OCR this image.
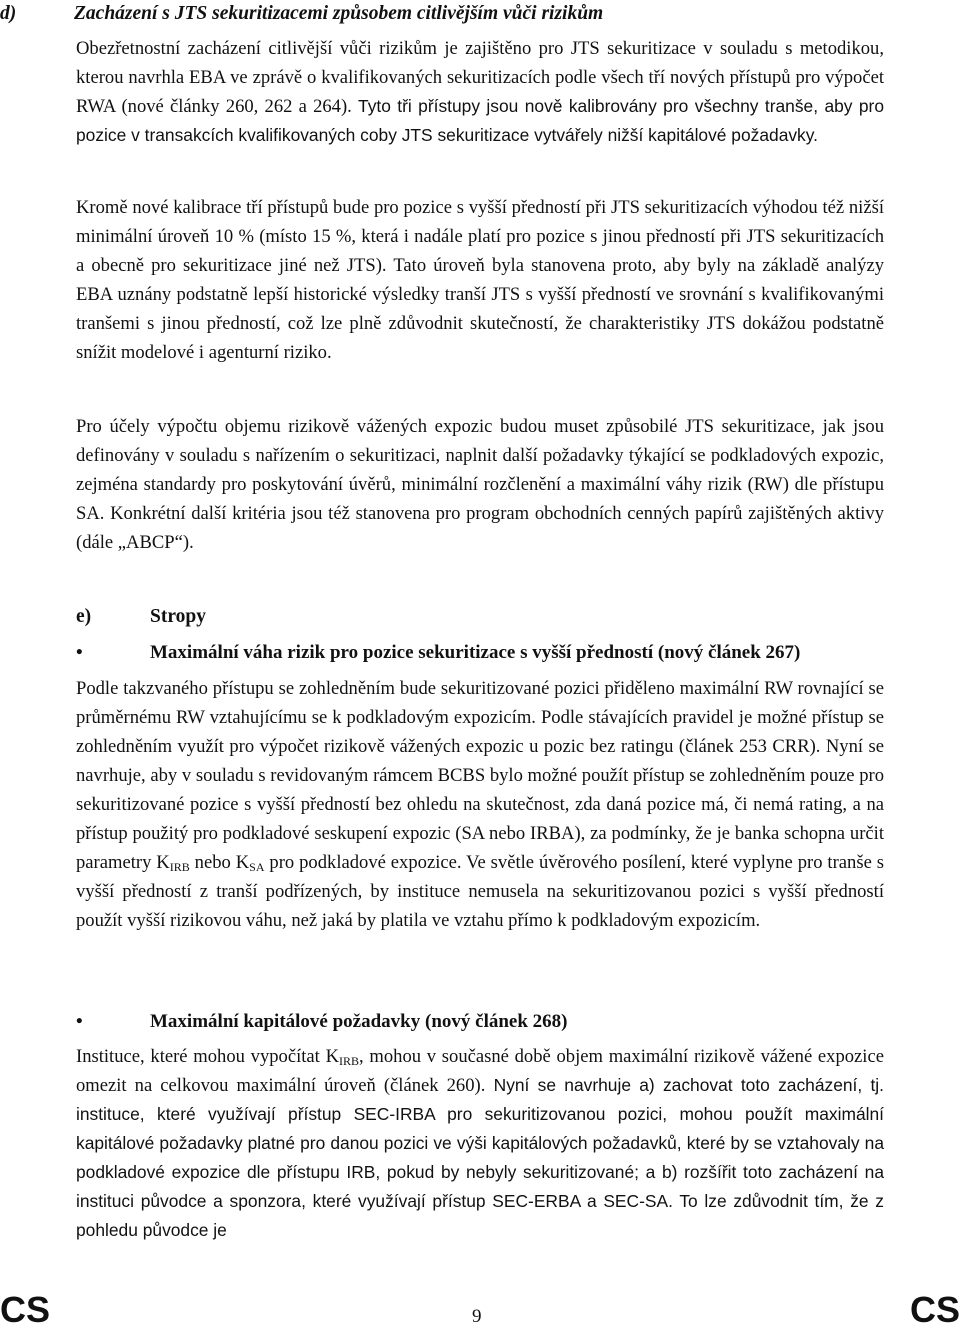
d)	Zacházení s JTS sekuritizacemi způsobem citlivějším vůči rizikům
Obezřetnostní zacházení citlivější vůči rizikům je zajištěno pro JTS sekuritizace v souladu s metodikou, kterou navrhla EBA ve zprávě o kvalifikovaných sekuritizacích podle všech tří nových přístupů pro výpočet RWA (nové články 260, 262 a 264). Tyto tři přístupy jsou nově kalibrovány pro všechny tranše, aby pro pozice v transakcích kvalifikovaných coby JTS sekuritizace vytvářely nižší kapitálové požadavky.
Kromě nové kalibrace tří přístupů bude pro pozice s vyšší předností při JTS sekuritizacích výhodou též nižší minimální úroveň 10 % (místo 15 %, která i nadále platí pro pozice s jinou předností při JTS sekuritizacích a obecně pro sekuritizace jiné než JTS). Tato úroveň byla stanovena proto, aby byly na základě analýzy EBA uznány podstatně lepší historické výsledky tranší JTS s vyšší předností ve srovnání s kvalifikovanými tranšemi s jinou předností, což lze plně zdůvodnit skutečností, že charakteristiky JTS dokážou podstatně snížit modelové i agenturní riziko.
Pro účely výpočtu objemu rizikově vážených expozic budou muset způsobilé JTS sekuritizace, jak jsou definovány v souladu s nařízením o sekuritizaci, naplnit další požadavky týkající se podkladových expozic, zejména standardy pro poskytování úvěrů, minimální rozčlenění a maximální váhy rizik (RW) dle přístupu SA. Konkrétní další kritéria jsou též stanovena pro program obchodních cenných papírů zajištěných aktivy (dále „ABCP“).
e)	Stropy
•	Maximální váha rizik pro pozice sekuritizace s vyšší předností (nový článek 267)
Podle takzvaného přístupu se zohledněním bude sekuritizované pozici přiděleno maximální RW rovnající se průměrnému RW vztahujícímu se k podkladovým expozicím. Podle stávajících pravidel je možné přístup se zohledněním využít pro výpočet rizikově vážených expozic u pozic bez ratingu (článek 253 CRR). Nyní se navrhuje, aby v souladu s revidovaným rámcem BCBS bylo možné použít přístup se zohledněním pouze pro sekuritizované pozice s vyšší předností bez ohledu na skutečnost, zda daná pozice má, či nemá rating, a na přístup použitý pro podkladové seskupení expozic (SA nebo IRBA), za podmínky, že je banka schopna určit parametry $K_{IRB}$ nebo $K_{SA}$ pro podkladové expozice. Ve světle úvěrového posílení, které vyplyne pro tranše s vyšší předností z tranší podřízených, by instituce nemusela na sekuritizovanou pozici s vyšší předností použít vyšší rizikovou váhu, než jaká by platila ve vztahu přímo k podkladovým expozicím.
•	Maximální kapitálové požadavky (nový článek 268)
Instituce, které mohou vypočítat $K_{IRB}$, mohou v současné době objem maximální rizikově vážené expozice omezit na celkovou maximální úroveň (článek 260). Nyní se navrhuje a) zachovat toto zacházení, tj. instituce, které využívají přístup SEC-IRBA pro sekuritizovanou pozici, mohou použít maximální kapitálové požadavky platné pro danou pozici ve výši kapitálových požadavků, které by se vztahovaly na podkladové expozice dle přístupu IRB, pokud by nebyly sekuritizované; a b) rozšířit toto zacházení na instituci původce a sponzora, které využívají přístup SEC-ERBA a SEC-SA. To lze zdůvodnit tím, že z pohledu původce je
CS	9	CS
